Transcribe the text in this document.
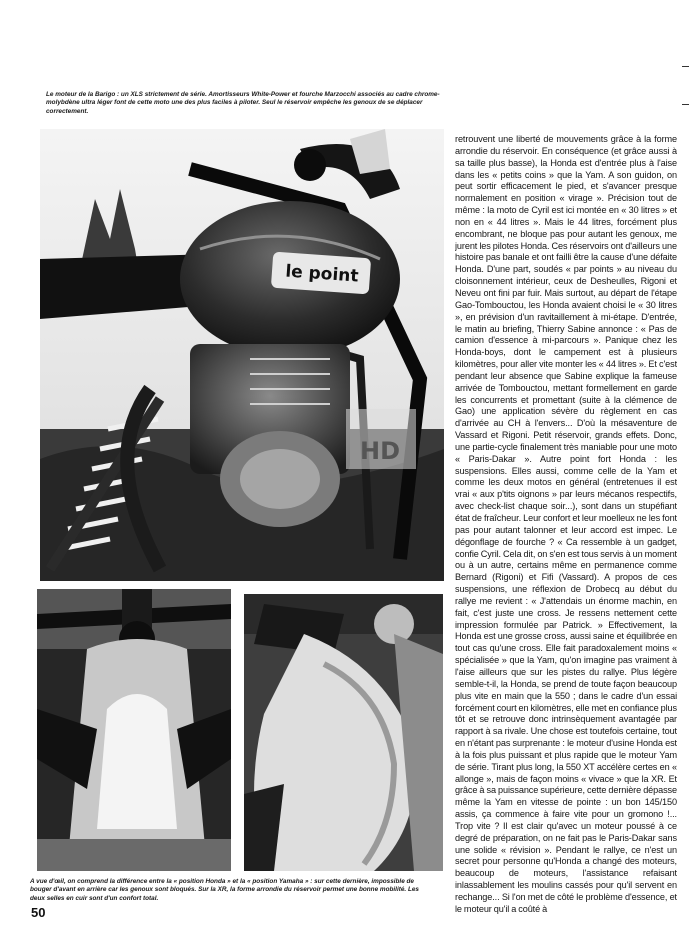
Le moteur de la Barigo : un XLS strictement de série. Amortisseurs White-Power et fourche Marzocchi associés au cadre chrome-molybdène ultra léger font de cette moto une des plus faciles à piloter. Seul le réservoir empêche les genoux de se déplacer correctement.

le point
HD

retrouvent une liberté de mouvements grâce à la forme arrondie du réservoir. En conséquence (et grâce aussi à sa taille plus basse), la Honda est d'entrée plus à l'aise dans les « petits coins » que la Yam. A son guidon, on peut sortir efficacement le pied, et s'avancer presque normalement en position « virage ». Précision tout de même : la moto de Cyril est ici montée en « 30 litres » et non en « 44 litres ». Mais le 44 litres, forcément plus encombrant, ne bloque pas pour autant les genoux, me jurent les pilotes Honda. Ces réservoirs ont d'ailleurs une histoire pas banale et ont failli être la cause d'une défaite Honda. D'une part, soudés « par points » au niveau du cloisonnement intérieur, ceux de Desheulles, Rigoni et Neveu ont fini par fuir. Mais surtout, au départ de l'étape Gao-Tombouctou, les Honda avaient choisi le « 30 litres », en prévision d'un ravitaillement à mi-étape. D'entrée, le matin au briefing, Thierry Sabine annonce : « Pas de camion d'essence à mi-parcours ». Panique chez les Honda-boys, dont le campement est à plusieurs kilomètres, pour aller vite monter les « 44 litres ». Et c'est pendant leur absence que Sabine explique la fameuse arrivée de Tombouctou, mettant formellement en garde les concurrents et promettant (suite à la clémence de Gao) une application sévère du règlement en cas d'arrivée au CH à l'envers... D'où la mésaventure de Vassard et Rigoni. Petit réservoir, grands effets. Donc, une partie-cycle finalement très maniable pour une moto « Paris-Dakar ». Autre point fort Honda : les suspensions. Elles aussi, comme celle de la Yam et comme les deux motos en général (entretenues il est vrai « aux p'tits oignons » par leurs mécanos respectifs, avec check-list chaque soir...), sont dans un stupéfiant état de fraîcheur. Leur confort et leur moelleux ne les font pas pour autant talonner et leur accord est impec. Le dégonflage de fourche ? « Ca ressemble à un gadget, confie Cyril. Cela dit, on s'en est tous servis à un moment ou à un autre, certains même en permanence comme Bernard (Rigoni) et Fifi (Vassard). A propos de ces suspensions, une réflexion de Drobecq au début du rallye me revient : « J'attendais un énorme machin, en fait, c'est juste une cross. Je ressens nettement cette impression formulée par Patrick. » Effectivement, la Honda est une grosse cross, aussi saine et équilibrée en tout cas qu'une cross. Elle fait paradoxalement moins « spécialisée » que la Yam, qu'on imagine pas vraiment à l'aise ailleurs que sur les pistes du rallye. Plus légère semble-t-il, la Honda, se prend de toute façon beaucoup plus vite en main que la 550 ; dans le cadre d'un essai forcément court en kilomètres, elle met en confiance plus tôt et se retrouve donc intrinsèquement avantagée par rapport à sa rivale. Une chose est toutefois certaine, tout en n'étant pas surprenante : le moteur d'usine Honda est à la fois plus puissant et plus rapide que le moteur Yam de série. Tirant plus long, la 550 XT accélère certes en « allonge », mais de façon moins « vivace » que la XR. Et grâce à sa puissance supérieure, cette dernière dépasse même la Yam en vitesse de pointe : un bon 145/150 assis, ça commence à faire vite pour un gromono !... Trop vite ? Il est clair qu'avec un moteur poussé à ce degré de préparation, on ne fait pas le Paris-Dakar sans une solide « révision ». Pendant le rallye, ce n'est un secret pour personne qu'Honda a changé des moteurs, beaucoup de moteurs, l'assistance refaisant inlassablement les moulins cassés pour qu'il servent en rechange... Si l'on met de côté le problème d'essence, et le moteur qu'il a coûté à

A vue d'œil, on comprend la différence entre la « position Honda » et la « position Yamaha » : sur cette dernière, impossible de bouger d'avant en arrière car les genoux sont bloqués. Sur la XR, la forme arrondie du réservoir permet une bonne mobilité. Les deux selles en cuir sont d'un confort total.

50
